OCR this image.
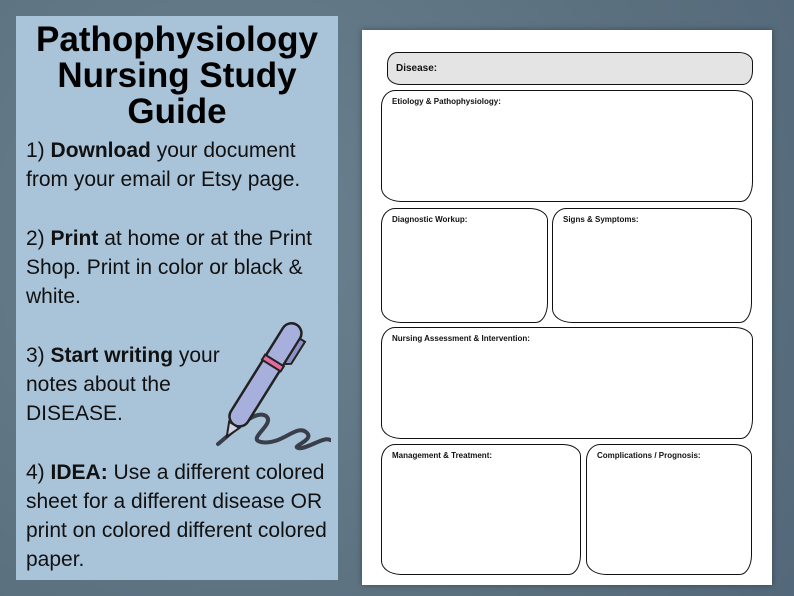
Pathophysiology Nursing Study Guide

1) Download your document from your email or Etsy page.

2) Print at home or at the Print Shop. Print in color or black & white.

3) Start writing your notes about the DISEASE.

4) IDEA: Use a different colored sheet for a different disease OR print on colored different colored paper.

Disease:
Etiology & Pathophysiology:
Diagnostic Workup:	Signs & Symptoms:
Nursing Assessment & Intervention:
Management & Treatment:	Complications / Prognosis:
